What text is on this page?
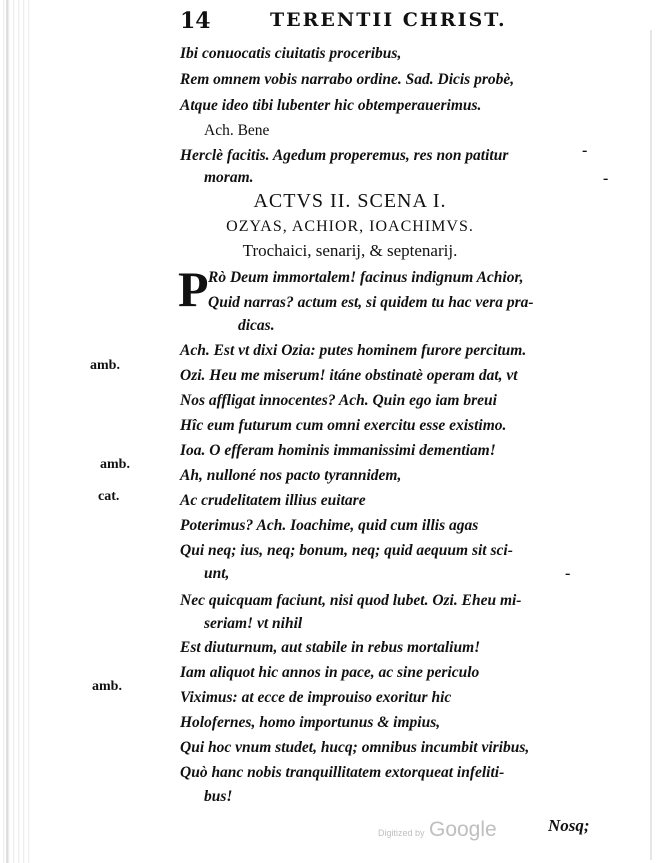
14	TERENTII CHRIST.
Ibi conuocatis ciuitatis proceribus,
Rem omnem vobis narrabo ordine. Sad. Dicis probè,
Atque ideo tibi lubenter hic obtemperauerimus.
Ach. Bene
Herclè facitis. Agedum properemus, res non patitur
moram.
ACTVS II. SCENA I.
OZYAS, ACHIOR, IOACHIMVS.
Trochaici, senarij, & septenarij.
P Rò Deum immortalem! facinus indignum Achior,
Quid narras? actum est, si quidem tu hac vera pra-
dicas.
Ach. Est vt dixi Ozia: putes hominem furore percitum.
Ozi. Heu me miserum! itáne obstinatè operam dat, vt
Nos affligat innocentes? Ach. Quin ego iam breui
Hîc eum futurum cum omni exercitu esse existimo.
Ioa. O efferam hominis immanissimi dementiam!
Ah, nulloné nos pacto tyrannidem,
Ac crudelitatem illius euitare
Poterimus? Ach. Ioachime, quid cum illis agas
Qui neq; ius, neq; bonum, neq; quid aequum sit sci-
unt,
Nec quicquam faciunt, nisi quod lubet. Ozi. Eheu mi-
seriam! vt nihil
Est diuturnum, aut stabile in rebus mortalium!
Iam aliquot hic annos in pace, ac sine periculo
Viximus: at ecce de improuiso exoritur hic
Holofernes, homo importunus & impius,
Qui hoc vnum studet, hucq; omnibus incumbit viribus,
Quò hanc nobis tranquillitatem extorqueat infeliti-
bus!
amb.
amb.
cat.
amb.
-
-
-
Digitized by Google	Nosq;
